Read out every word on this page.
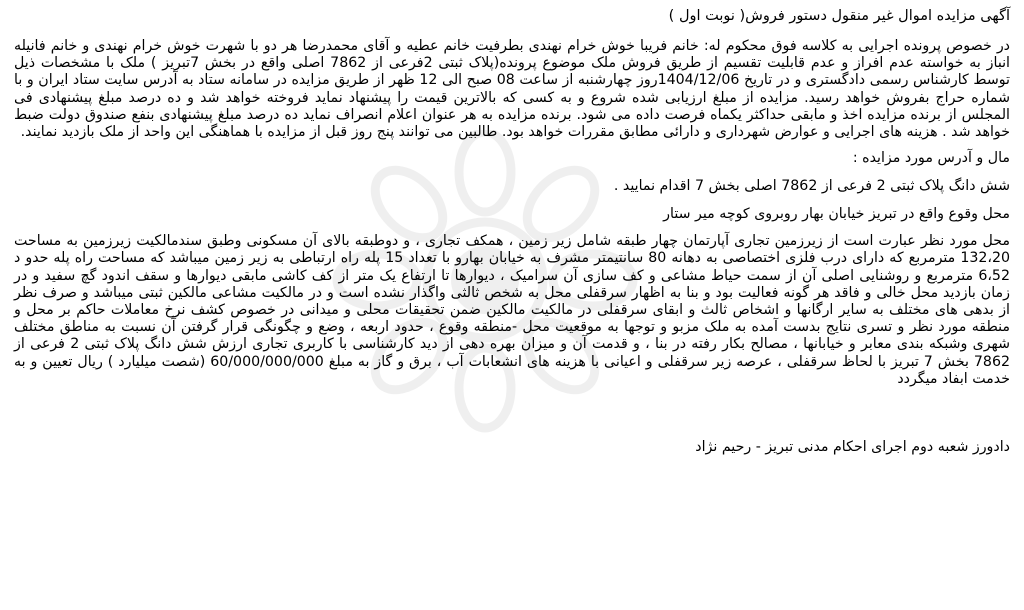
آگهی مزایده اموال غیر منقول دستور فروش( نوبت اول )

در خصوص پرونده اجرایی به کلاسه فوق محکوم له: خانم فریبا خوش خرام نهندی بطرفیت خانم عطیه و آقای محمدرضا هر دو با شهرت خوش خرام نهندی و خانم فانیله انباز به خواسته عدم افراز و عدم قابلیت تقسیم از طریق فروش ملک موضوع پرونده(پلاک ثبتی 2فرعی از 7862 اصلی واقع در بخش 7تبریز ) ملک با مشخصات ذیل توسط کارشناس رسمی دادگستری و در تاریخ 1404/12/06روز چهارشنبه از ساعت 08 صبح الی 12 ظهر از طریق مزایده در سامانه ستاد به آدرس سایت ستاد ایران و با شماره حراج بفروش خواهد رسید. مزایده از مبلغ ارزیابی شده شروع و به کسی که بالاترین قیمت را پیشنهاد نماید فروخته خواهد شد و ده درصد مبلغ پیشنهادی فی المجلس از برنده مزایده اخذ و مابقی حداکثر یکماه فرصت داده می شود. برنده مزایده به هر عنوان اعلام انصراف نماید ده درصد مبلغ پیشنهادی بنفع صندوق دولت ضبط خواهد شد . هزینه های اجرایی و عوارض شهرداری و دارائی مطابق مقررات خواهد بود. طالبین می توانند پنج روز قبل از مزایده با هماهنگی این واحد از ملک بازدید نمایند.

مال و آدرس مورد مزایده :

شش دانگ پلاک ثبتی 2 فرعی از 7862 اصلی بخش 7 اقدام نمایید .

محل وقوع واقع در تبریز خیابان بهار روبروی کوچه میر ستار

محل مورد نظر عبارت است از زیرزمین تجاری آپارتمان چهار طبقه شامل زیر زمین ، همکف تجاری ، و دوطبقه بالای آن مسکونی وطبق سندمالکیت زیرزمین به مساحت 132،20 مترمربع که دارای درب فلزی اختصاصی به دهانه 80 سانتیمتر مشرف به خیابان بهارو با تعداد 15 پله راه ارتباطی به زیر زمین میباشد که مساحت راه پله حدو د 6،52 مترمربع و روشنایی اصلی آن از سمت حیاط مشاعی و کف سازی آن سرامیک ، دیوارها تا ارتفاع یک متر از کف کاشی مابقی دیوارها و سقف اندود گچ سفید و در زمان بازدید محل خالی و فاقد هر گونه فعالیت بود و بنا به اظهار سرقفلی محل به شخص ثالثی واگذار نشده است و در مالکیت مشاعی مالکین ثبتی میباشد و صرف نظر از بدهی های مختلف به سایر ارگانها و اشخاص ثالث و ابقای سرقفلی در مالکیت مالکین ضمن تحقیقات محلی و میدانی در خصوص کشف نرخ معاملات حاکم بر محل و منطقه مورد نظر و تسری نتایج بدست آمده به ملک مزبو و توجها به موقعیت محل -منطقه وقوع ، حدود اربعه ، وضع و چگونگی قرار گرفتن آن نسبت به مناطق مختلف شهری وشبکه بندی معابر و خیابانها ، مصالح بکار رفته در بنا ، و قدمت آن و میزان بهره دهی از دید کارشناسی با کاربری تجاری ارزش شش دانگ پلاک ثبتی 2 فرعی از 7862 بخش 7 تبریز با لحاظ سرقفلی ، عرصه زیر سرقفلی و اعیانی با هزینه های انشعابات آب ، برق و گاز به مبلغ 60/000/000/000 (شصت میلیارد ) ریال تعیین و به خدمت ابفاد میگردد

دادورز شعبه دوم اجرای احکام مدنی تبریز - رحیم نژاد
